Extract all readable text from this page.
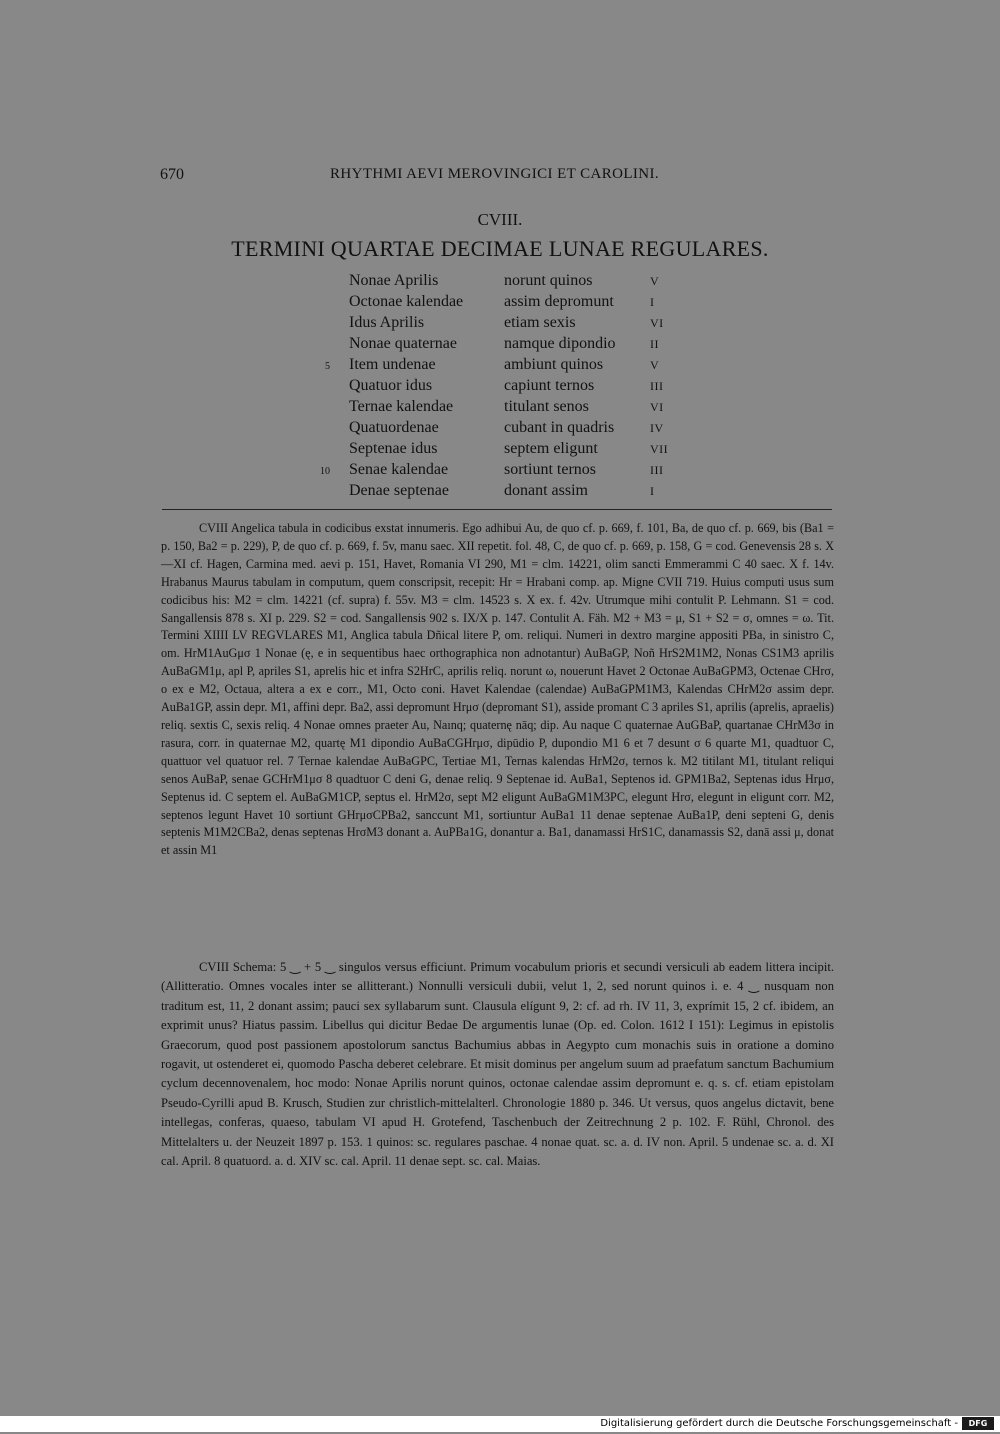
670	RHYTHMI AEVI MEROVINGICI ET CAROLINI.
CVIII.
TERMINI QUARTAE DECIMAE LUNAE REGULARES.
Nonae Aprilis	norunt quinos	V
Octonae kalendae	assim depromunt	I
Idus Aprilis	etiam sexis	VI
Nonae quaternae	namque dipondio	II
5 Item undenae	ambiunt quinos	V
Quatuor idus	capiunt ternos	III
Ternae kalendae	titulant senos	VI
Quatuordenae	cubant in quadris	IV
Septenae idus	septem eligunt	VII
10 Senae kalendae	sortiunt ternos	III
Denae septenae	donant assim	I

CVIII Angelica tabula in codicibus exstat innumeris. Ego adhibui Au, de quo cf. p. 669, f. 101, Ba, de quo cf. p. 669, bis (Ba1 = p. 150, Ba2 = p. 229), P, de quo cf. p. 669, f. 5v, manu saec. XII repetit. fol. 48, C, de quo cf. p. 669, p. 158, G = cod. Genevensis 28 s. X—XI cf. Hagen, Carmina med. aevi p. 151, Havet, Romania VI 290, M1 = clm. 14221, olim sancti Emmerammi C 40 saec. X f. 14v. Hrabanus Maurus tabulam in computum, quem conscripsit, recepit: Hr = Hrabani comp. ap. Migne CVII 719. Huius computi usus sum codicibus his: M2 = clm. 14221 (cf. supra) f. 55v. M3 = clm. 14523 s. X ex. f. 42v. Utrumque mihi contulit P. Lehmann. S1 = cod. Sangallensis 878 s. XI p. 229. S2 = cod. Sangallensis 902 s. IX/X p. 147. Contulit A. Fäh. M2 + M3 = μ, S1 + S2 = σ, omnes = ω. Tit. Termini XIIII LV REGVLARES M1, Anglica tabula Dñical litere P, om. reliqui. Numeri in dextro margine appositi PBa, in sinistro C, om. HrM1AuGμσ 1 Nonae (ę, e in sequentibus haec orthographica non adnotantur) AuBaGP, Noñ HrS2M1M2, Nonas CS1M3 aprilis AuBaGM1μ, apl P, apriles S1, aprelis hic et infra S2HrC, aprilis reliq. norunt ω, nouerunt Havet 2 Octonae AuBaGPM3, Octenae CHrσ, o ex e M2, Octaua, altera a ex e corr., M1, Octo coni. Havet Kalendae (calendae) AuBaGPM1M3, Kalendas CHrM2σ assim depr. AuBa1GP, assin depr. M1, affini depr. Ba2, assi depromunt Hrμσ (depromant S1), asside promant C 3 apriles S1, aprilis (aprelis, apraelis) reliq. sextis C, sexis reliq. 4 Nonae omnes praeter Au, Naınq; quaternę nāq; dip. Au naque C quaternae AuGBaP, quartanae CHrM3σ in rasura, corr. in quaternae M2, quartę M1 dipondio AuBaCGHrμσ, dipūdio P, dupondio M1 6 et 7 desunt σ 6 quarte M1, quadtuor C, quattuor vel quatuor rel. 7 Ternae kalendae AuBaGPC, Tertiae M1, Ternas kalendas HrM2σ, ternos k. M2 titilant M1, titulant reliqui senos AuBaP, senae GCHrM1μσ 8 quadtuor C deni G, denae reliq. 9 Septenae id. AuBa1, Septenos id. GPM1Ba2, Septenas idus Hrμσ, Septenus id. C septem el. AuBaGM1CP, septus el. HrM2σ, sept M2 eligunt AuBaGM1M3PC, elegunt Hrσ, elegunt in eligunt corr. M2, septenos legunt Havet 10 sortiunt GHrμσCPBa2, sanccunt M1, sortiuntur AuBa1 11 denae septenae AuBa1P, deni septeni G, denis septenis M1M2CBa2, denas septenas HrσM3 donant a. AuPBa1G, donantur a. Ba1, danamassi HrS1C, danamassis S2, danā assi μ, donat et assin M1

CVIII Schema: 5 ‿ + 5 ‿ singulos versus efficiunt. Primum vocabulum prioris et secundi versiculi ab eadem littera incipit. (Allitteratio. Omnes vocales inter se allitterant.) Nonnulli versiculi dubii, velut 1, 2, sed norunt quinos i. e. 4 ‿ nusquam non traditum est, 11, 2 donant assim; pauci sex syllabarum sunt. Clausula elígunt 9, 2: cf. ad rh. IV 11, 3, exprímit 15, 2 cf. ibidem, an exprimit unus? Hiatus passim. Libellus qui dicitur Bedae De argumentis lunae (Op. ed. Colon. 1612 I 151): Legimus in epistolis Graecorum, quod post passionem apostolorum sanctus Bachumius abbas in Aegypto cum monachis suis in oratione a domino rogavit, ut ostenderet ei, quomodo Pascha deberet celebrare. Et misit dominus per angelum suum ad praefatum sanctum Bachumium cyclum decennovenalem, hoc modo: Nonae Aprilis norunt quinos, octonae calendae assim depromunt e. q. s. cf. etiam epistolam Pseudo-Cyrilli apud B. Krusch, Studien zur christlich-mittelalterl. Chronologie 1880 p. 346. Ut versus, quos angelus dictavit, bene intellegas, conferas, quaeso, tabulam VI apud H. Grotefend, Taschenbuch der Zeitrechnung 2 p. 102. F. Rühl, Chronol. des Mittelalters u. der Neuzeit 1897 p. 153. 1 quinos: sc. regulares paschae. 4 nonae quat. sc. a. d. IV non. April. 5 undenae sc. a. d. XI cal. April. 8 quatuord. a. d. XIV sc. cal. April. 11 denae sept. sc. cal. Maias.

Digitalisierung gefördert durch die Deutsche Forschungsgemeinschaft -	DFG
